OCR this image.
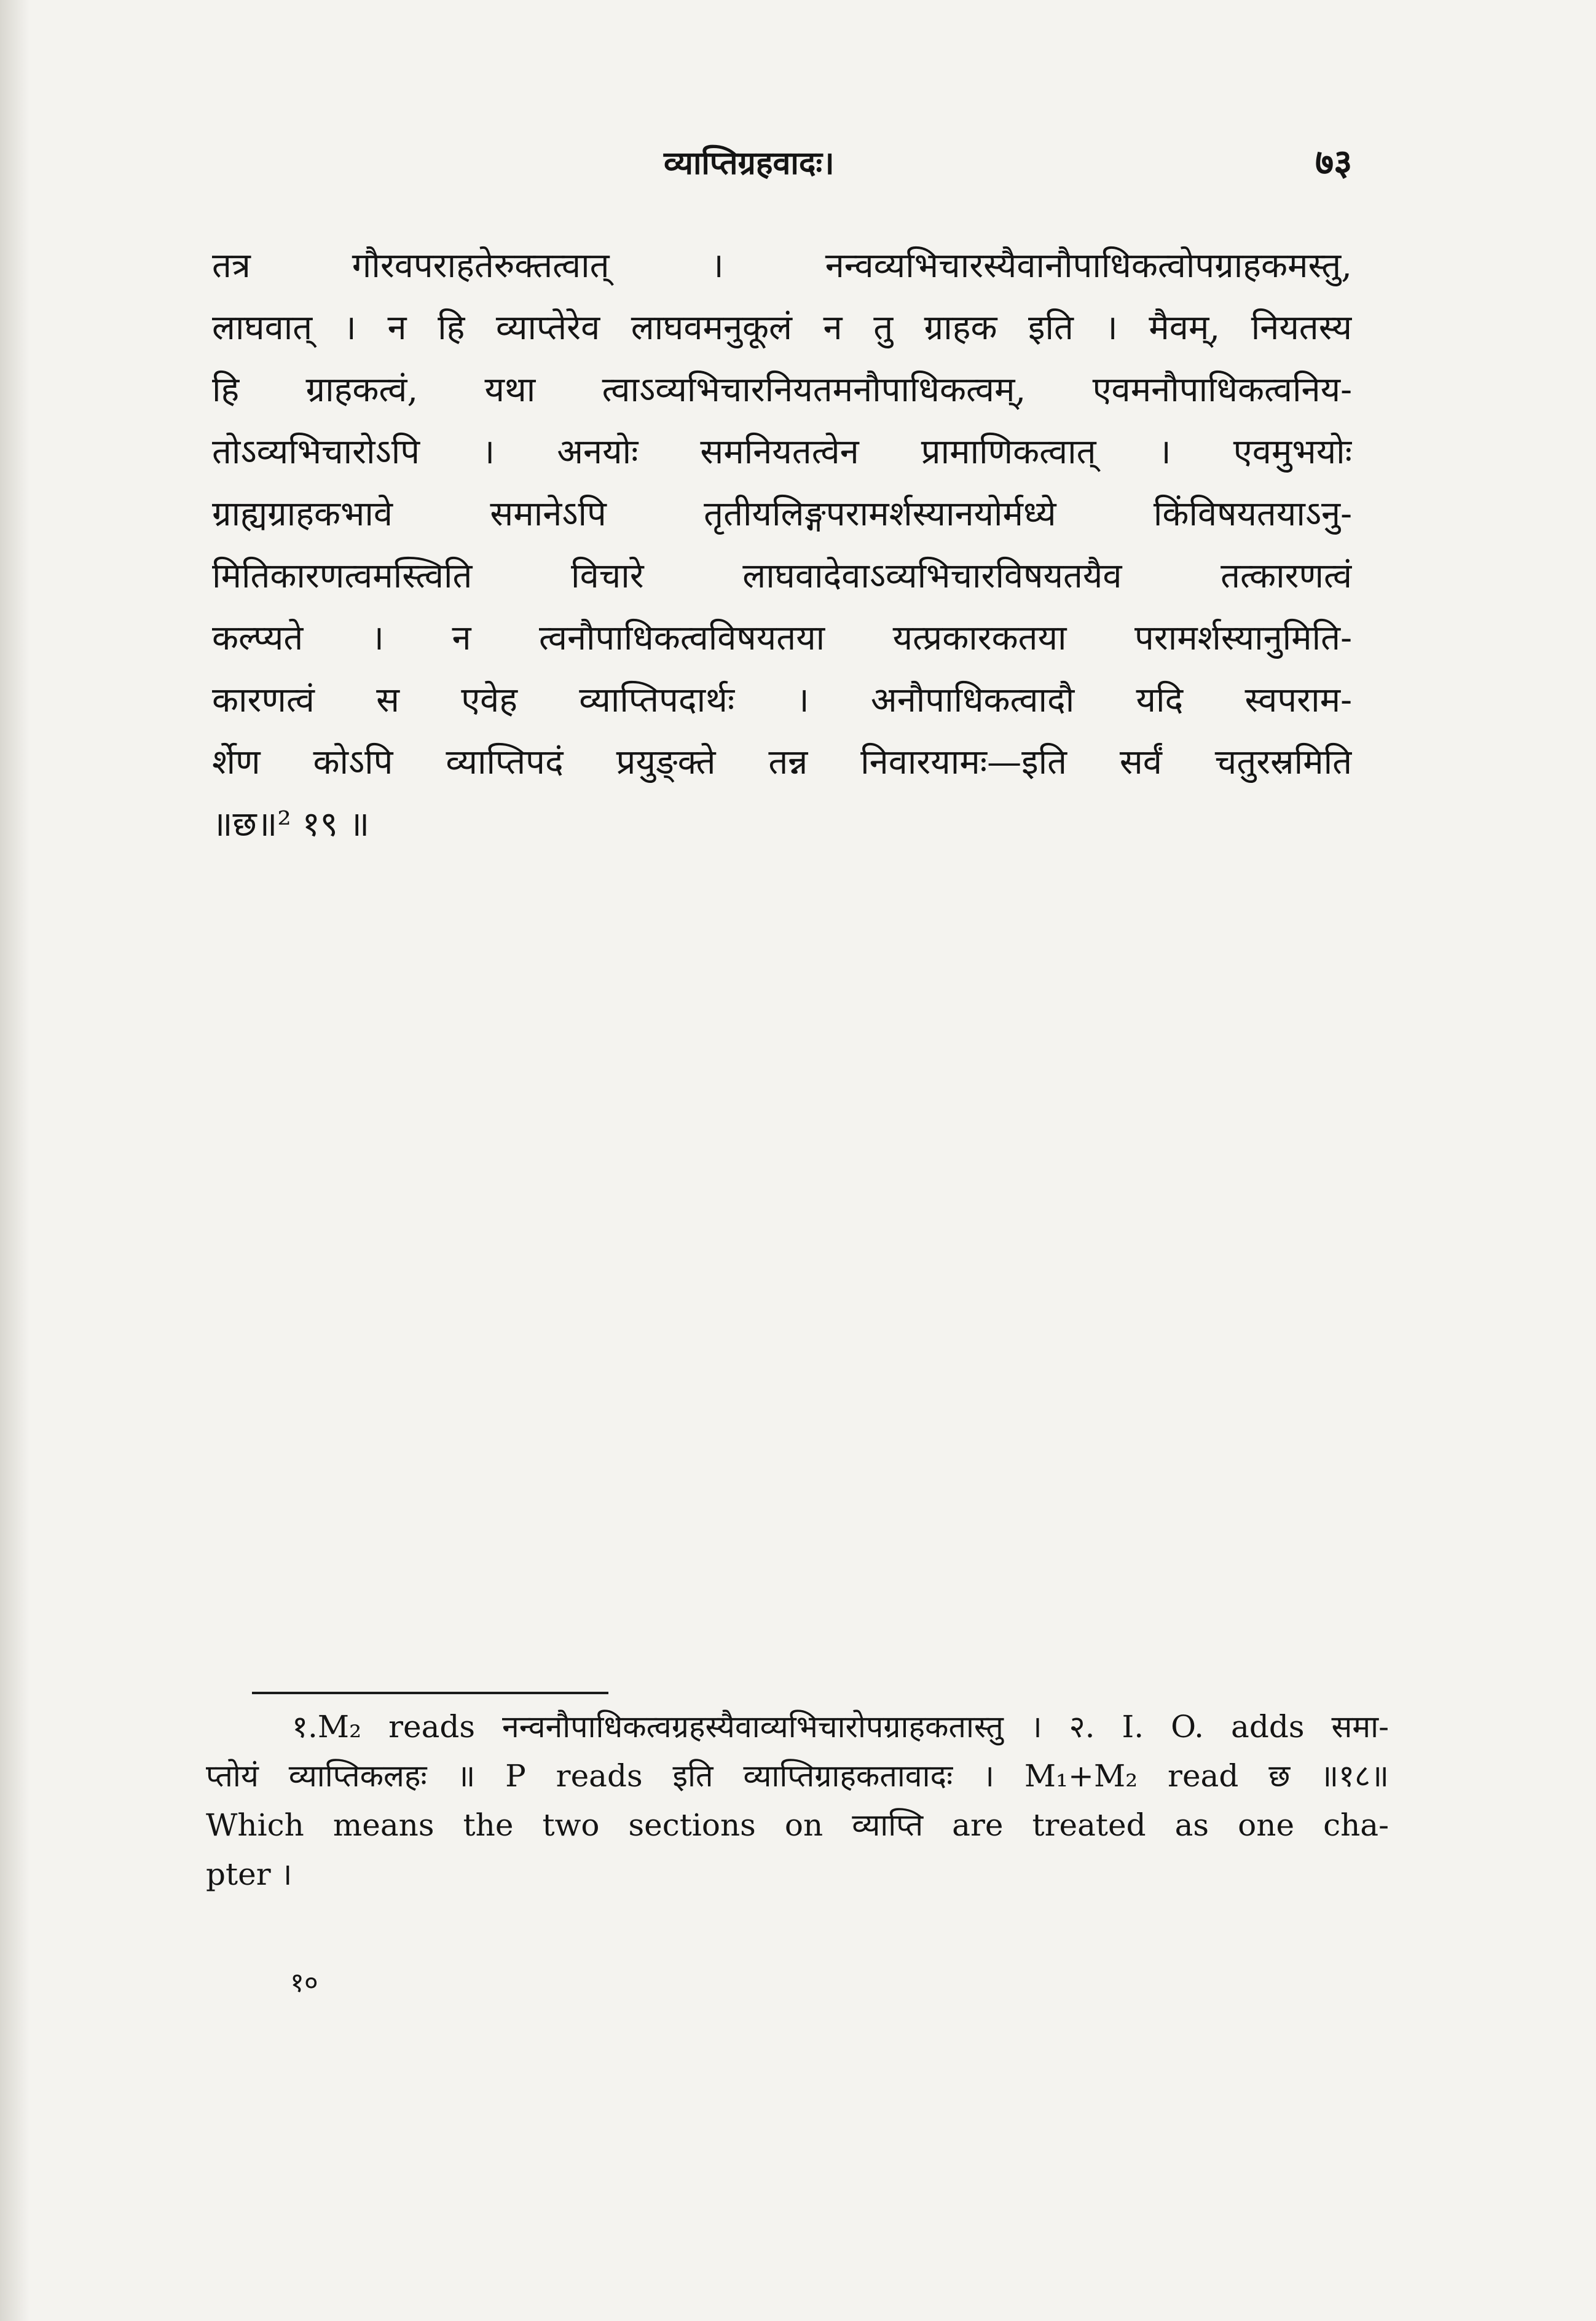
व्याप्तिग्रहवादः।	७३
तत्र गौरवपराहतेरुक्तत्वात् । नन्वव्यभिचारस्यैवानौपाधिकत्वोपग्राहकमस्तु,
लाघवात् । न हि व्याप्तेरेव लाघवमनुकूलं न तु ग्राहक इति । मैवम्, नियतस्य
हि ग्राहकत्वं, यथा त्वाऽव्यभिचारनियतमनौपाधिकत्वम्, एवमनौपाधिकत्वनिय-
तोऽव्यभिचारोऽपि । अनयोः समनियतत्वेन प्रामाणिकत्वात् । एवमुभयोः
ग्राह्यग्राहकभावे समानेऽपि तृतीयलिङ्गपरामर्शस्यानयोर्मध्ये किंविषयतयाऽनु-
मितिकारणत्वमस्त्विति विचारे लाघवादेवाऽव्यभिचारविषयतयैव तत्कारणत्वं
कल्प्यते । न त्वनौपाधिकत्वविषयतया यत्प्रकारकतया परामर्शस्यानुमिति-
कारणत्वं स एवेह व्याप्तिपदार्थः । अनौपाधिकत्वादौ यदि स्वपराम-
र्शेण कोऽपि व्याप्तिपदं प्रयुङ्क्ते तन्न निवारयामः—इति सर्वं चतुरस्रमिति
॥छ॥² १९ ॥
१.M₂ reads नन्वनौपाधिकत्वग्रहस्यैवाव्यभिचारोपग्राहकतास्तु । २. I. O. adds समा-
प्तोयं व्याप्तिकलहः ॥ P reads इति व्याप्तिग्राहकतावादः । M₁+M₂ read छ ॥१८॥
Which means the two sections on व्याप्ति are treated as one cha-
pter ।
१०
